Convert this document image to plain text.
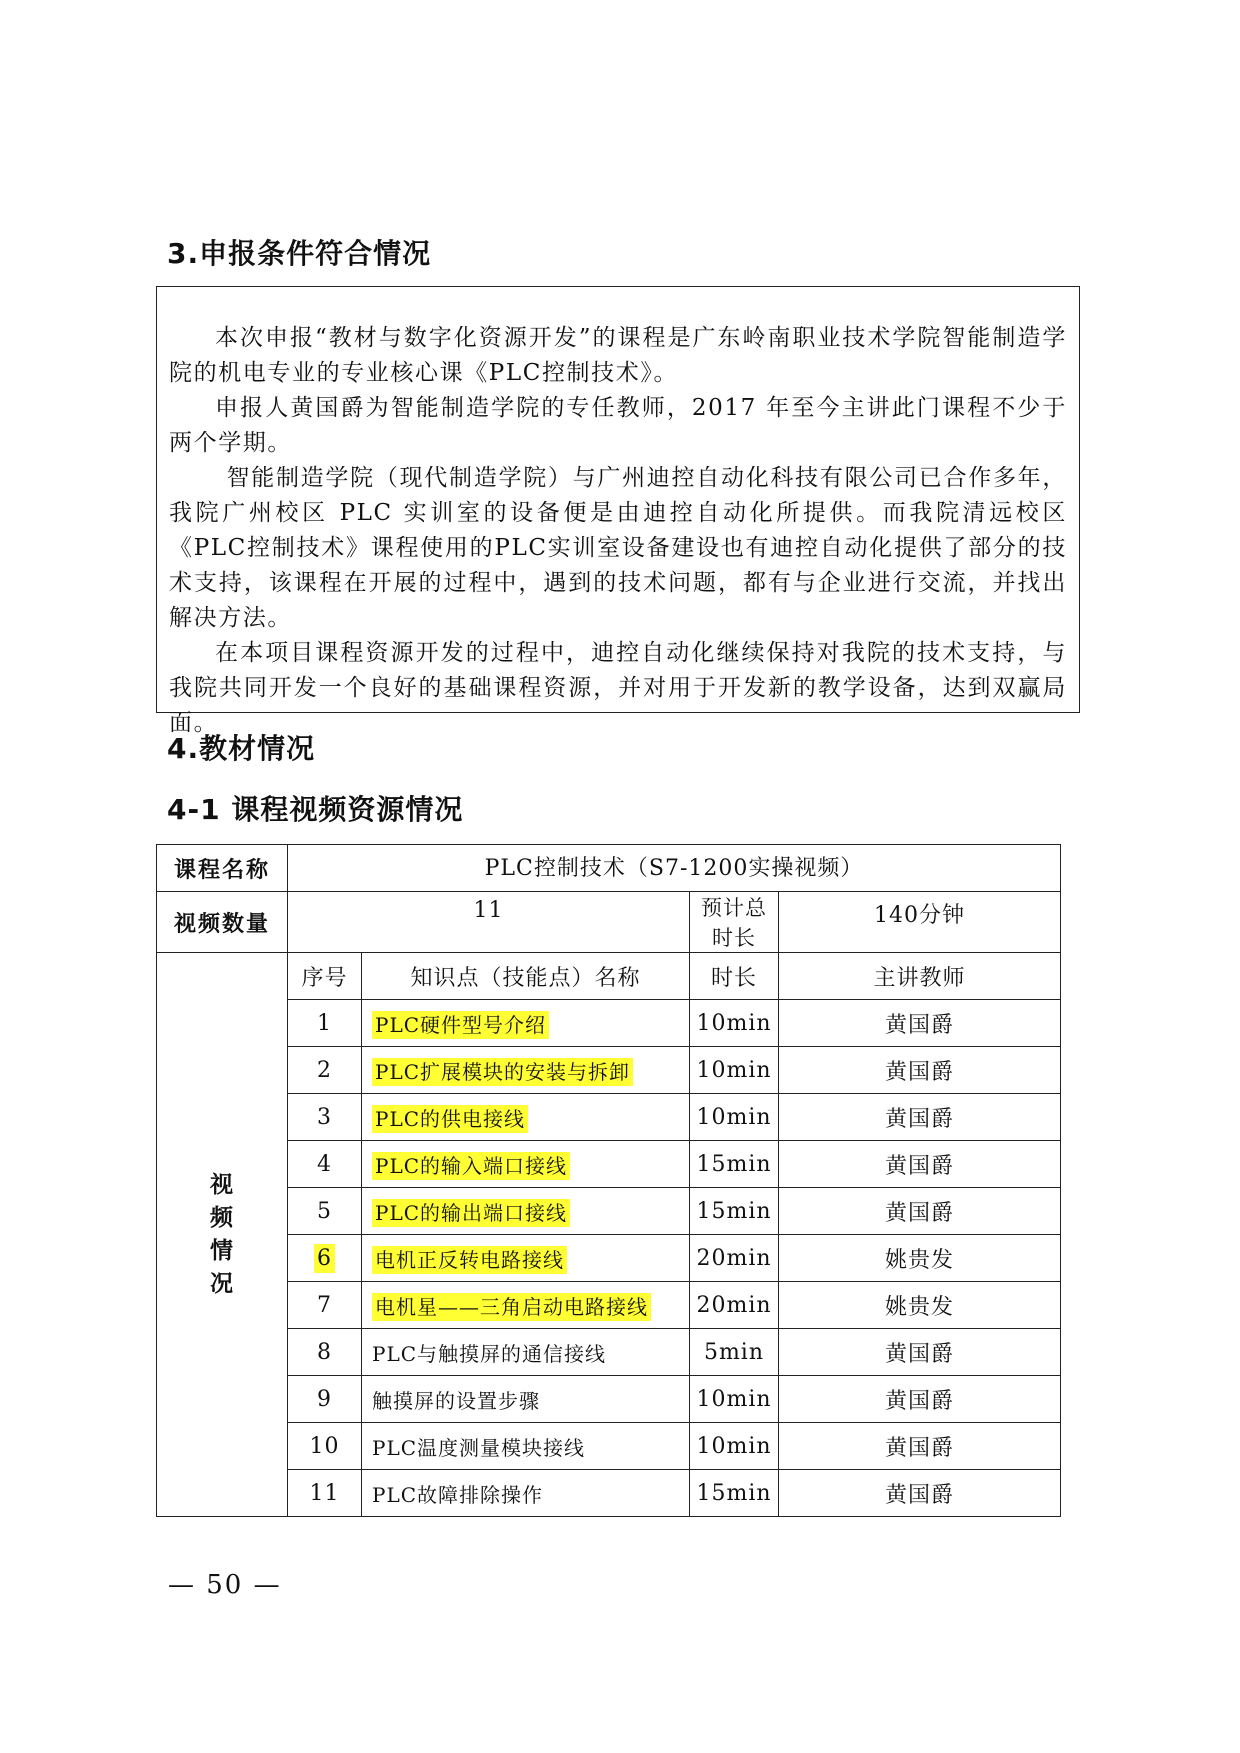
3.申报条件符合情况

本次申报“教材与数字化资源开发”的课程是广东岭南职业技术学院智能制造学院的机电专业的专业核心课《PLC控制技术》。

申报人黄国爵为智能制造学院的专任教师，2017 年至今主讲此门课程不少于两个学期。

智能制造学院（现代制造学院）与广州迪控自动化科技有限公司已合作多年，我院广州校区 PLC 实训室的设备便是由迪控自动化所提供。而我院清远校区《PLC控制技术》课程使用的PLC实训室设备建设也有迪控自动化提供了部分的技术支持，该课程在开展的过程中，遇到的技术问题，都有与企业进行交流，并找出解决方法。

在本项目课程资源开发的过程中，迪控自动化继续保持对我院的技术支持，与我院共同开发一个良好的基础课程资源，并对用于开发新的教学设备，达到双赢局面。

4.教材情况
4-1 课程视频资源情况
课程名称	PLC控制技术（S7-1200实操视频）			
视频数量	11		预计总时长	140分钟

视
频
情
况	序号	知识点（技能点）名称	时长	主讲教师
	1	PLC硬件型号介绍	10min	黄国爵
	2	PLC扩展模块的安装与拆卸	10min	黄国爵
	3	PLC的供电接线	10min	黄国爵
	4	PLC的输入端口接线	15min	黄国爵
	5	PLC的输出端口接线	15min	黄国爵
	6	电机正反转电路接线	20min	姚贵发
	7	电机星——三角启动电路接线	20min	姚贵发
	8	PLC与触摸屏的通信接线	5min	黄国爵
	9	触摸屏的设置步骤	10min	黄国爵
	10	PLC温度测量模块接线	10min	黄国爵
	11	PLC故障排除操作	15min	黄国爵
— 50 —
